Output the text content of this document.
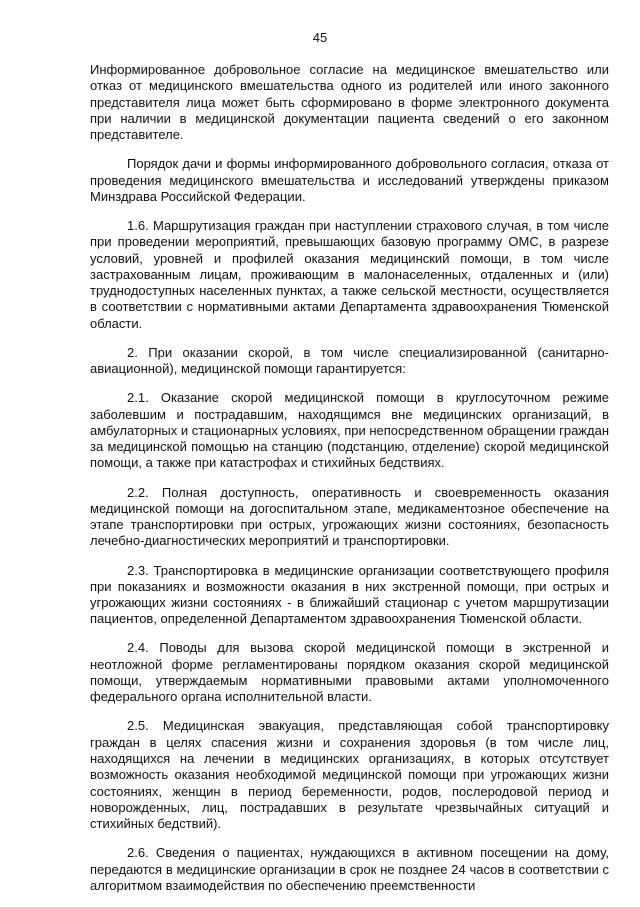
45

Информированное добровольное согласие на медицинское вмешательство или отказ от медицинского вмешательства одного из родителей или иного законного представителя лица может быть сформировано в форме электронного документа при наличии в медицинской документации пациента сведений о его законном представителе.

Порядок дачи и формы информированного добровольного согласия, отказа от проведения медицинского вмешательства и исследований утверждены приказом Минздрава Российской Федерации.

1.6. Маршрутизация граждан при наступлении страхового случая, в том числе при проведении мероприятий, превышающих базовую программу ОМС, в разрезе условий, уровней и профилей оказания медицинский помощи, в том числе застрахованным лицам, проживающим в малонаселенных, отдаленных и (или) труднодоступных населенных пунктах, а также сельской местности, осуществляется в соответствии с нормативными актами Департамента здравоохранения Тюменской области.

2. При оказании скорой, в том числе специализированной (санитарно-авиационной), медицинской помощи гарантируется:

2.1. Оказание скорой медицинской помощи в круглосуточном режиме заболевшим и пострадавшим, находящимся вне медицинских организаций, в амбулаторных и стационарных условиях, при непосредственном обращении граждан за медицинской помощью на станцию (подстанцию, отделение) скорой медицинской помощи, а также при катастрофах и стихийных бедствиях.

2.2. Полная доступность, оперативность и своевременность оказания медицинской помощи на догоспитальном этапе, медикаментозное обеспечение на этапе транспортировки при острых, угрожающих жизни состояниях, безопасность лечебно-диагностических мероприятий и транспортировки.

2.3. Транспортировка в медицинские организации соответствующего профиля при показаниях и возможности оказания в них экстренной помощи, при острых и угрожающих жизни состояниях - в ближайший стационар с учетом маршрутизации пациентов, определенной Департаментом здравоохранения Тюменской области.

2.4. Поводы для вызова скорой медицинской помощи в экстренной и неотложной форме регламентированы порядком оказания скорой медицинской помощи, утверждаемым нормативными правовыми актами уполномоченного федерального органа исполнительной власти.

2.5. Медицинская эвакуация, представляющая собой транспортировку граждан в целях спасения жизни и сохранения здоровья (в том числе лиц, находящихся на лечении в медицинских организациях, в которых отсутствует возможность оказания необходимой медицинской помощи при угрожающих жизни состояниях, женщин в период беременности, родов, послеродовой период и новорожденных, лиц, пострадавших в результате чрезвычайных ситуаций и стихийных бедствий).

2.6. Сведения о пациентах, нуждающихся в активном посещении на дому, передаются в медицинские организации в срок не позднее 24 часов в соответствии с алгоритмом взаимодействия по обеспечению преемственности
